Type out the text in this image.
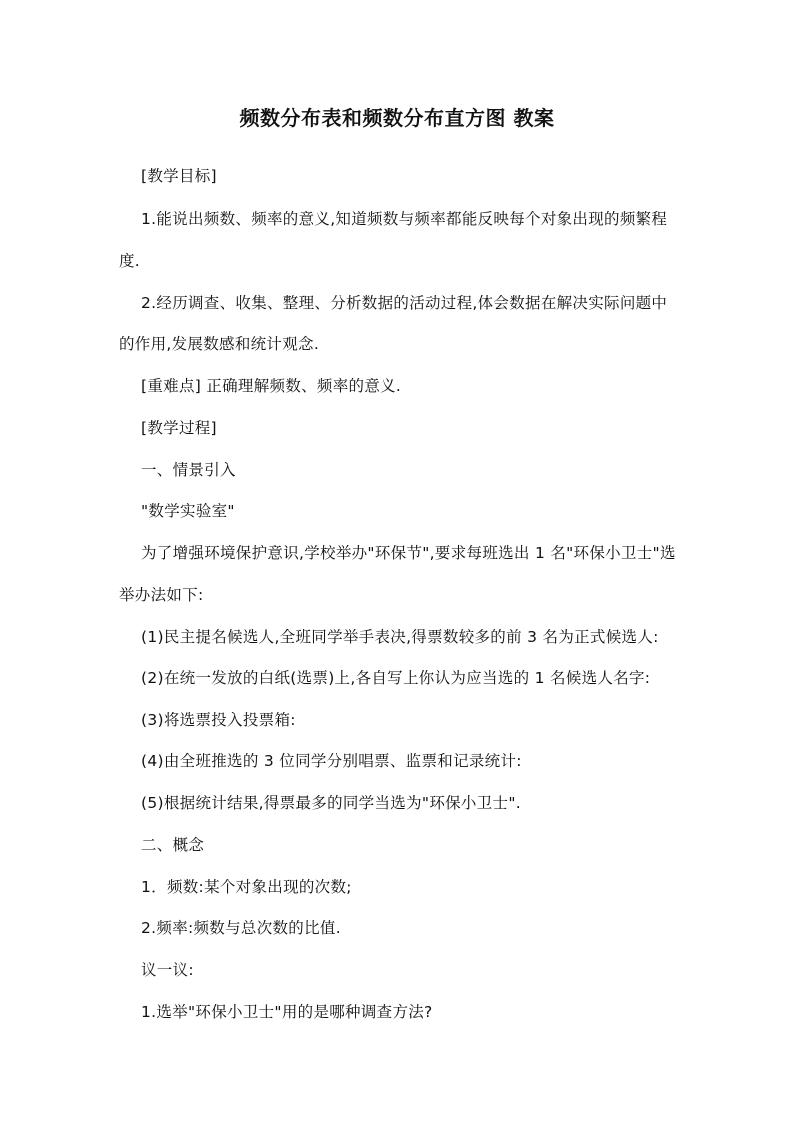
频数分布表和频数分布直方图 教案
[教学目标]
1.能说出频数、频率的意义,知道频数与频率都能反映每个对象出现的频繁程
度.
2.经历调查、收集、整理、分析数据的活动过程,体会数据在解决实际问题中
的作用,发展数感和统计观念.
[重难点] 正确理解频数、频率的意义.
[教学过程]
一、情景引入
"数学实验室"
为了增强环境保护意识,学校举办"环保节",要求每班选出 1 名"环保小卫士"选
举办法如下:
(1)民主提名候选人,全班同学举手表决,得票数较多的前 3 名为正式候选人:
(2)在统一发放的白纸(选票)上,各自写上你认为应当选的 1 名候选人名字:
(3)将选票投入投票箱:
(4)由全班推选的 3 位同学分别唱票、监票和记录统计:
(5)根据统计结果,得票最多的同学当选为"环保小卫士".
二、概念
1．频数:某个对象出现的次数;
2.频率:频数与总次数的比值.
议一议:
1.选举"环保小卫士"用的是哪种调查方法?
